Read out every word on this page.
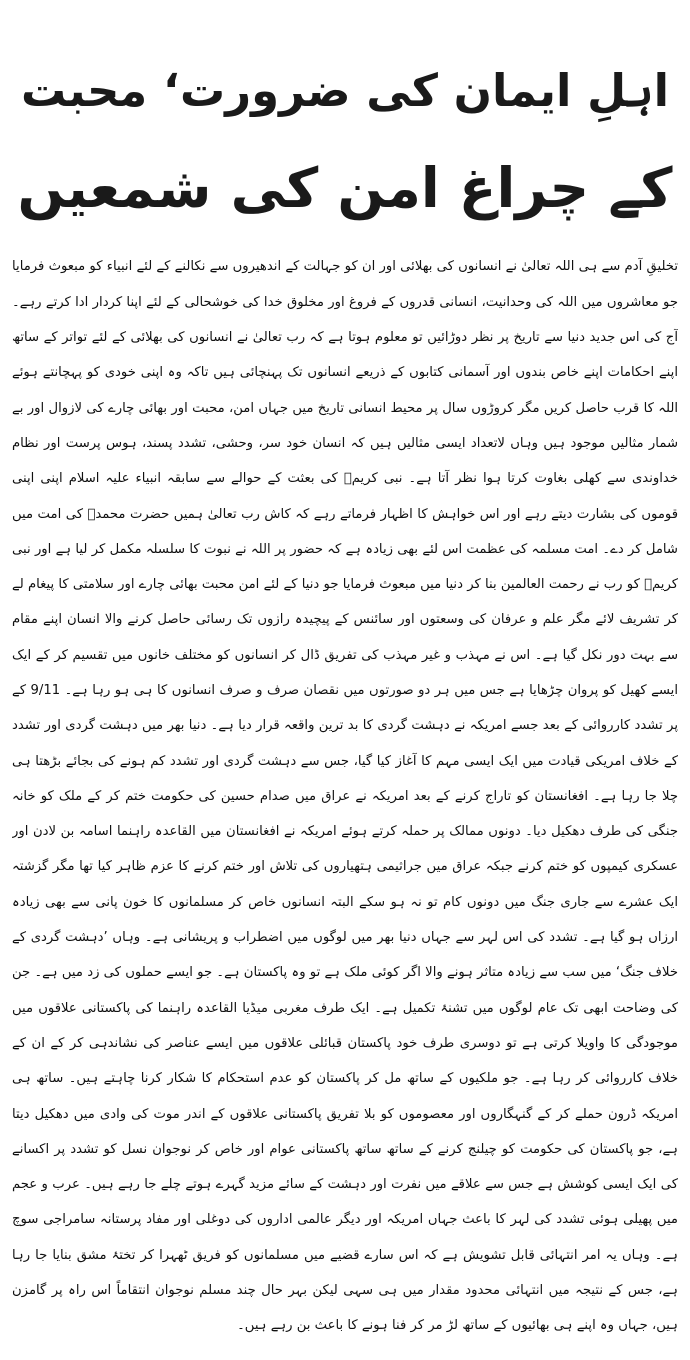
اہلِ ایمان کی ضرورت‘ محبت
کے چراغ امن کی شمعیں

تخلیقِ آدم سے ہی اللہ تعالیٰ نے انسانوں کی بھلائی اور ان کو جہالت کے اندھیروں سے نکالنے کے لئے انبیاء کو مبعوث فرمایا جو معاشروں میں اللہ کی وحدانیت، انسانی قدروں کے فروغ اور مخلوق خدا کی خوشحالی کے لئے اپنا کردار ادا کرتے رہے۔ آج کی اس جدید دنیا سے تاریخ پر نظر دوڑائیں تو معلوم ہوتا ہے کہ رب تعالیٰ نے انسانوں کی بھلائی کے لئے تواتر کے ساتھ اپنے احکامات اپنے خاص بندوں اور آسمانی کتابوں کے ذریعے انسانوں تک پہنچائی ہیں تاکہ وہ اپنی خودی کو پہچانتے ہوئے اللہ کا قرب حاصل کریں مگر کروڑوں سال پر محیط انسانی تاریخ میں جہاں امن، محبت اور بھائی چارے کی لازوال اور بے شمار مثالیں موجود ہیں وہاں لاتعداد ایسی مثالیں ہیں کہ انسان خود سر، وحشی، تشدد پسند، ہوس پرست اور نظام خداوندی سے کھلی بغاوت کرتا ہوا نظر آتا ہے۔ نبی کریمؐ کی بعثت کے حوالے سے سابقہ انبیاء علیہ اسلام اپنی اپنی قوموں کی بشارت دیتے رہے اور اس خواہش کا اظہار فرماتے رہے کہ کاش رب تعالیٰ ہمیں حضرت محمدؐ کی امت میں شامل کر دے۔ امت مسلمہ کی عظمت اس لئے بھی زیادہ ہے کہ حضور پر اللہ نے نبوت کا سلسلہ مکمل کر لیا ہے اور نبی کریمؐ کو رب نے رحمت العالمین بنا کر دنیا میں مبعوث فرمایا جو دنیا کے لئے امن محبت بھائی چارے اور سلامتی کا پیغام لے کر تشریف لائے مگر علم و عرفان کی وسعتوں اور سائنس کے پیچیدہ رازوں تک رسائی حاصل کرنے والا انسان اپنے مقام سے بہت دور نکل گیا ہے۔ اس نے مہذب و غیر مہذب کی تفریق ڈال کر انسانوں کو مختلف خانوں میں تقسیم کر کے ایک ایسے کھیل کو پروان چڑھایا ہے جس میں ہر دو صورتوں میں نقصان صرف و صرف انسانوں کا ہی ہو رہا ہے۔ 9/11 کے پر تشدد کارروائی کے بعد جسے امریکہ نے دہشت گردی کا بد ترین واقعہ قرار دیا ہے۔ دنیا بھر میں دہشت گردی اور تشدد کے خلاف امریکی قیادت میں ایک ایسی مہم کا آغاز کیا گیا، جس سے دہشت گردی اور تشدد کم ہونے کی بجائے بڑھتا ہی چلا جا رہا ہے۔ افغانستان کو تاراج کرنے کے بعد امریکہ نے عراق میں صدام حسین کی حکومت ختم کر کے ملک کو خانہ جنگی کی طرف دھکیل دیا۔ دونوں ممالک پر حملہ کرتے ہوئے امریکہ نے افغانستان میں القاعدہ راہنما اسامہ بن لادن اور عسکری کیمپوں کو ختم کرنے جبکہ عراق میں جراثیمی ہتھیاروں کی تلاش اور ختم کرنے کا عزم ظاہر کیا تھا مگر گزشتہ ایک عشرے سے جاری جنگ میں دونوں کام تو نہ ہو سکے البتہ انسانوں خاص کر مسلمانوں کا خون پانی سے بھی زیادہ ارزاں ہو گیا ہے۔ تشدد کی اس لہر سے جہاں دنیا بھر میں لوگوں میں اضطراب و پریشانی ہے۔ وہاں ’دہشت گردی کے خلاف جنگ‘ میں سب سے زیادہ متاثر ہونے والا اگر کوئی ملک ہے تو وہ پاکستان ہے۔ جو ایسے حملوں کی زد میں ہے۔ جن کی وضاحت ابھی تک عام لوگوں میں تشنۂ تکمیل ہے۔ ایک طرف مغربی میڈیا القاعدہ راہنما کی پاکستانی علاقوں میں موجودگی کا واویلا کرتی ہے تو دوسری طرف خود پاکستان قبائلی علاقوں میں ایسے عناصر کی نشاندہی کر کے ان کے خلاف کارروائی کر رہا ہے۔ جو ملکیوں کے ساتھ مل کر پاکستان کو عدم استحکام کا شکار کرنا چاہتے ہیں۔ ساتھ ہی امریکہ ڈرون حملے کر کے گنہگاروں اور معصوموں کو بلا تفریق پاکستانی علاقوں کے اندر موت کی وادی میں دھکیل دیتا ہے، جو پاکستان کی حکومت کو چیلنج کرنے کے ساتھ ساتھ پاکستانی عوام اور خاص کر نوجوان نسل کو تشدد پر اکسانے کی ایک ایسی کوشش ہے جس سے علاقے میں نفرت اور دہشت کے سائے مزید گہرے ہوتے چلے جا رہے ہیں۔ عرب و عجم میں پھیلی ہوئی تشدد کی لہر کا باعث جہاں امریکہ اور دیگر عالمی اداروں کی دوغلی اور مفاد پرستانہ سامراجی سوچ ہے۔ وہاں یہ امر انتہائی قابل تشویش ہے کہ اس سارے قضیے میں مسلمانوں کو فریق ٹھہرا کر تختۂ مشق بنایا جا رہا ہے، جس کے نتیجہ میں انتہائی محدود مقدار میں ہی سہی لیکن بہر حال چند مسلم نوجوان انتقاماً اس راہ پر گامزن ہیں، جہاں وہ اپنے ہی بھائیوں کے ساتھ لڑ مر کر فنا ہونے کا باعث بن رہے ہیں۔
